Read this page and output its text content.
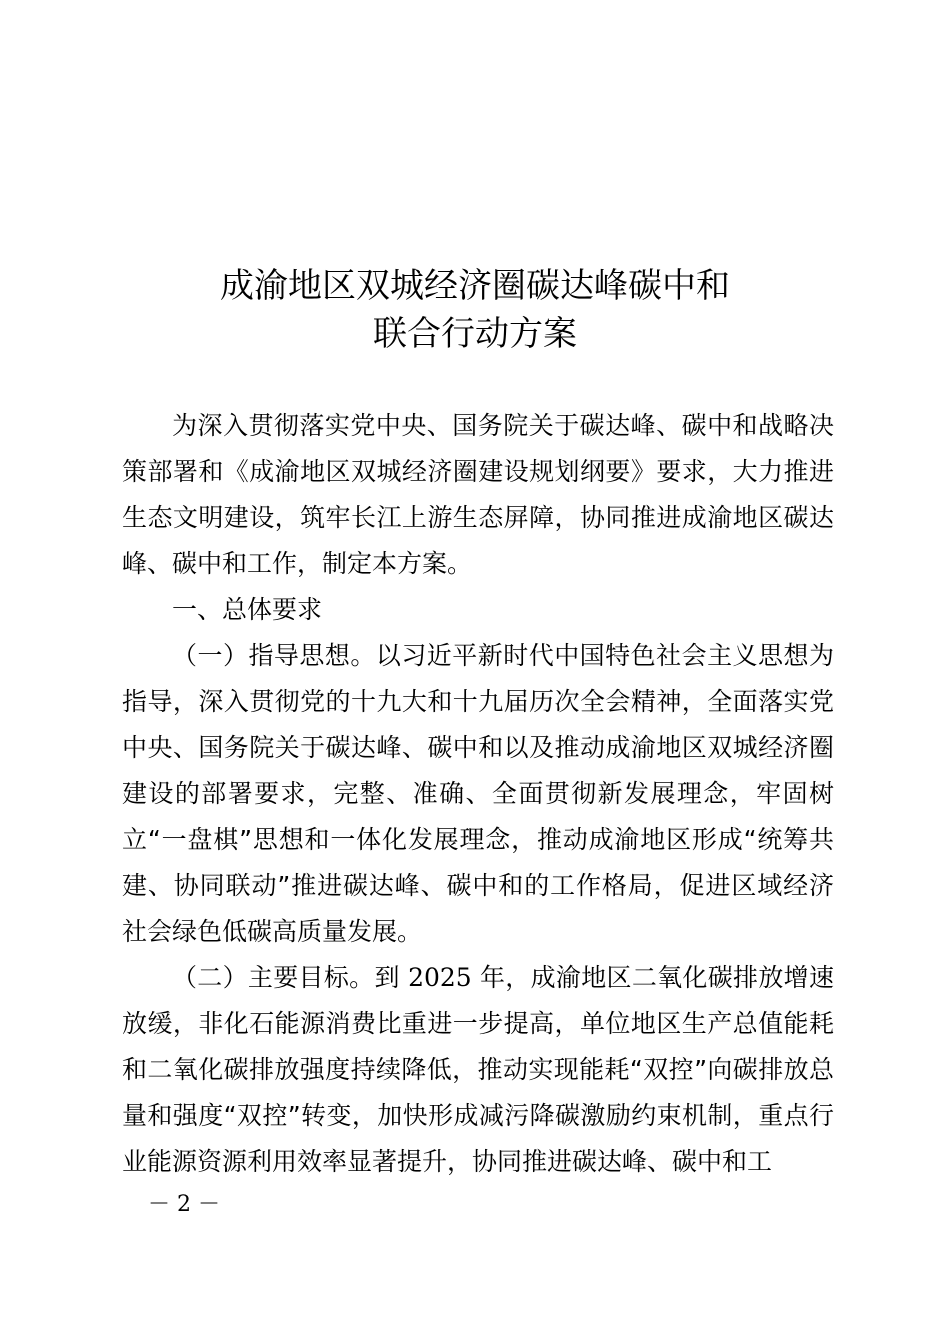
成渝地区双城经济圈碳达峰碳中和
联合行动方案

为深入贯彻落实党中央、国务院关于碳达峰、碳中和战略决策部署和《成渝地区双城经济圈建设规划纲要》要求，大力推进生态文明建设，筑牢长江上游生态屏障，协同推进成渝地区碳达峰、碳中和工作，制定本方案。

一、总体要求

（一）指导思想。以习近平新时代中国特色社会主义思想为指导，深入贯彻党的十九大和十九届历次全会精神，全面落实党中央、国务院关于碳达峰、碳中和以及推动成渝地区双城经济圈建设的部署要求，完整、准确、全面贯彻新发展理念，牢固树立“一盘棋”思想和一体化发展理念，推动成渝地区形成“统筹共建、协同联动”推进碳达峰、碳中和的工作格局，促进区域经济社会绿色低碳高质量发展。

（二）主要目标。到 2025 年，成渝地区二氧化碳排放增速放缓，非化石能源消费比重进一步提高，单位地区生产总值能耗和二氧化碳排放强度持续降低，推动实现能耗“双控”向碳排放总量和强度“双控”转变，加快形成减污降碳激励约束机制，重点行业能源资源利用效率显著提升，协同推进碳达峰、碳中和工

－ 2 －
